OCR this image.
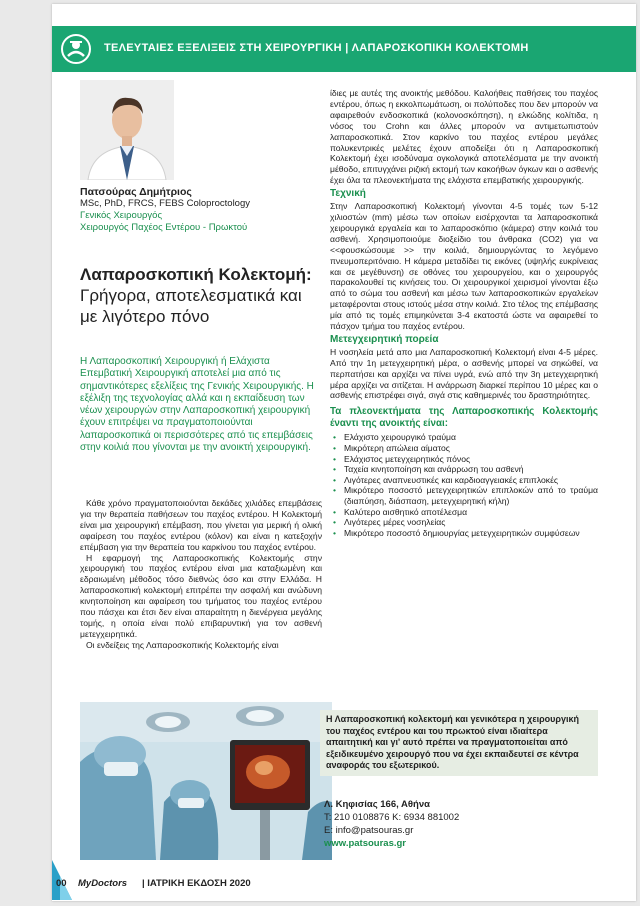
ΤΕΛΕΥΤΑΙΕΣ ΕΞΕΛΙΞΕΙΣ ΣΤΗ ΧΕΙΡΟΥΡΓΙΚΗ | ΛΑΠΑΡΟΣΚΟΠΙΚΗ ΚΟΛΕΚΤΟΜΗ
Πατσούρας Δημήτριος
MSc, PhD, FRCS, FEBS Coloproctology
Γενικός Χειρουργός
Χειρουργός Παχέος Εντέρου - Πρωκτού
Λαπαροσκοπική Κολεκτομή: Γρήγορα, αποτελεσματικά και με λιγότερο πόνο
Η Λαπαροσκοπική Χειρουργική ή Ελάχιστα Επεμβατική Χειρουργική αποτελεί μια από τις σημαντικότερες εξελίξεις της Γενικής Χειρουργικής. Η εξέλιξη της τεχνολογίας αλλά και η εκπαίδευση των νέων χειρουργών στην Λαπαροσκοπική χειρουργική έχουν επιτρέψει να πραγματοποιούνται λαπαροσκοπικά οι περισσότερες από τις επεμβάσεις στην κοιλιά που γίνονται με την ανοικτή χειρουργική.

Κάθε χρόνο πραγματοποιούνται δεκάδες χιλιάδες επεμβάσεις για την θεραπεία παθήσεων του παχέος εντέρου. Η Κολεκτομή είναι μια χειρουργική επέμβαση, που γίνεται για μερική ή ολική αφαίρεση του παχέος εντέρου (κόλον) και είναι η κατεξοχήν επέμβαση για την θεραπεία του καρκίνου του παχέος εντέρου.

Η εφαρμογή της Λαπαροσκοπικής Κολεκτομής στην χειρουργική του παχέος εντέρου είναι μια καταξιωμένη και εδραιωμένη μέθοδος τόσο διεθνώς όσο και στην Ελλάδα. Η λαπαροσκοπική κολεκτομή επιτρέπει την ασφαλή και ανώδυνη κινητοποίηση και αφαίρεση του τμήματος του παχέος εντέρου που πάσχει και έτσι δεν είναι απαραίτητη η διενέργεια μεγάλης τομής, η οποία είναι πολύ επιβαρυντική για τον ασθενή μετεγχειρητικά.

Οι ενδείξεις της Λαπαροσκοπικής Κολεκτομής είναι

ίδιες με αυτές της ανοικτής μεθόδου. Καλοήθεις παθήσεις του παχέος εντέρου, όπως η εκκολπωμάτωση, οι πολύποδες που δεν μπορούν να αφαιρεθούν ενδοσκοπικά (κολονοσκόπηση), η ελκώδης κολίτιδα, η νόσος του Crohn και άλλες μπορούν να αντιμετωπιστούν λαπαροσκοπικά. Στον καρκίνο του παχέος εντέρου μεγάλες πολυκεντρικές μελέτες έχουν αποδείξει ότι η Λαπαροσκοπική Κολεκτομή έχει ισοδύναμα ογκολογικά αποτελέσματα με την ανοικτή μέθοδο, επιτυγχάνει ριζική εκτομή των κακοήθων όγκων και ο ασθενής έχει όλα τα πλεονεκτήματα της ελάχιστα επεμβατικής χειρουργικής.

Τεχνική

Στην Λαπαροσκοπική Κολεκτομή γίνονται 4-5 τομές των 5-12 χιλιοστών (mm) μέσω των οποίων εισέρχονται τα λαπαροσκοπικά χειρουργικά εργαλεία και το λαπαροσκόπιο (κάμερα) στην κοιλιά του ασθενή. Χρησιμοποιούμε διοξείδιο του άνθρακα (CO2) για να <<φουσκώσουμε >> την κοιλιά, δημιουργώντας το λεγόμενο πνευμοπεριτόναιο. Η κάμερα μεταδίδει τις εικόνες (υψηλής ευκρίνειας και σε μεγέθυνση) σε οθόνες του χειρουργείου, και ο χειρουργός παρακολουθεί τις κινήσεις του. Οι χειρουργικοί χειρισμοί γίνονται έξω από το σώμα του ασθενή και μέσω των λαπαροσκοπικών εργαλείων μεταφέρονται στους ιστούς μέσα στην κοιλιά. Στο τέλος της επέμβασης μία από τις τομές επιμηκύνεται 3-4 εκατοστά ώστε να αφαιρεθεί το πάσχον τμήμα του παχέος εντέρου.

Μετεγχειρητική πορεία

Η νοσηλεία μετά απο μια Λαπαροσκοπική Κολεκτομή είναι 4-5 μέρες. Από την 1η μετεγχειρητική μέρα, ο ασθενής μπορεί να σηκώθεί, να περπατήσει και αρχίζει να πίνει υγρά, ενώ από την 3η μετεγχειρητική μέρα αρχίζει να σιτίζεται. Η ανάρρωση διαρκεί περίπου 10 μέρες και ο ασθενής επιστρέφει σιγά, σιγά στις καθημερινές του δραστηριότητες.

Τα πλεονεκτήματα της Λαπαροσκοπικής Κολεκτομής έναντι της ανοικτής είναι:
• Ελάχιστο χειρουργικό τραύμα
• Μικρότερη απώλεια αίματος
• Ελάχιστος μετεγχειρητικός πόνος
• Ταχεία κινητοποίηση και ανάρρωση του ασθενή
• Λιγότερες αναπνευστικές και καρδιοαγγειακές επιπλοκές
• Μικρότερο ποσοστό μετεγχειρητικών επιπλοκών από το τραύμα (διαπύηση, διάσπαση, μετεγχειρητική κήλη)
• Καλύτερο αισθητικό αποτέλεσμα
• Λιγότερες μέρες νοσηλείας
• Μικρότερο ποσοστό δημιουργίας μετεγχειρητικών συμφύσεων
Η Λαπαροσκοπική κολεκτομή και γενικότερα η χειρουργική του παχέος εντέρου και του πρωκτού είναι ιδιαίτερα απαιτητική και γι' αυτό πρέπει να πραγματοποιείται από εξειδικευμένο χειρουργό που να έχει εκπαιδευτεί σε κέντρα αναφοράς του εξωτερικού.
Λ. Κηφισίας 166, Αθήνα
T: 210 0108876 K: 6934 881002
E: info@patsouras.gr
www.patsouras.gr
00 MyDoctors | ΙΑΤΡΙΚΗ ΕΚΔΟΣΗ 2020
